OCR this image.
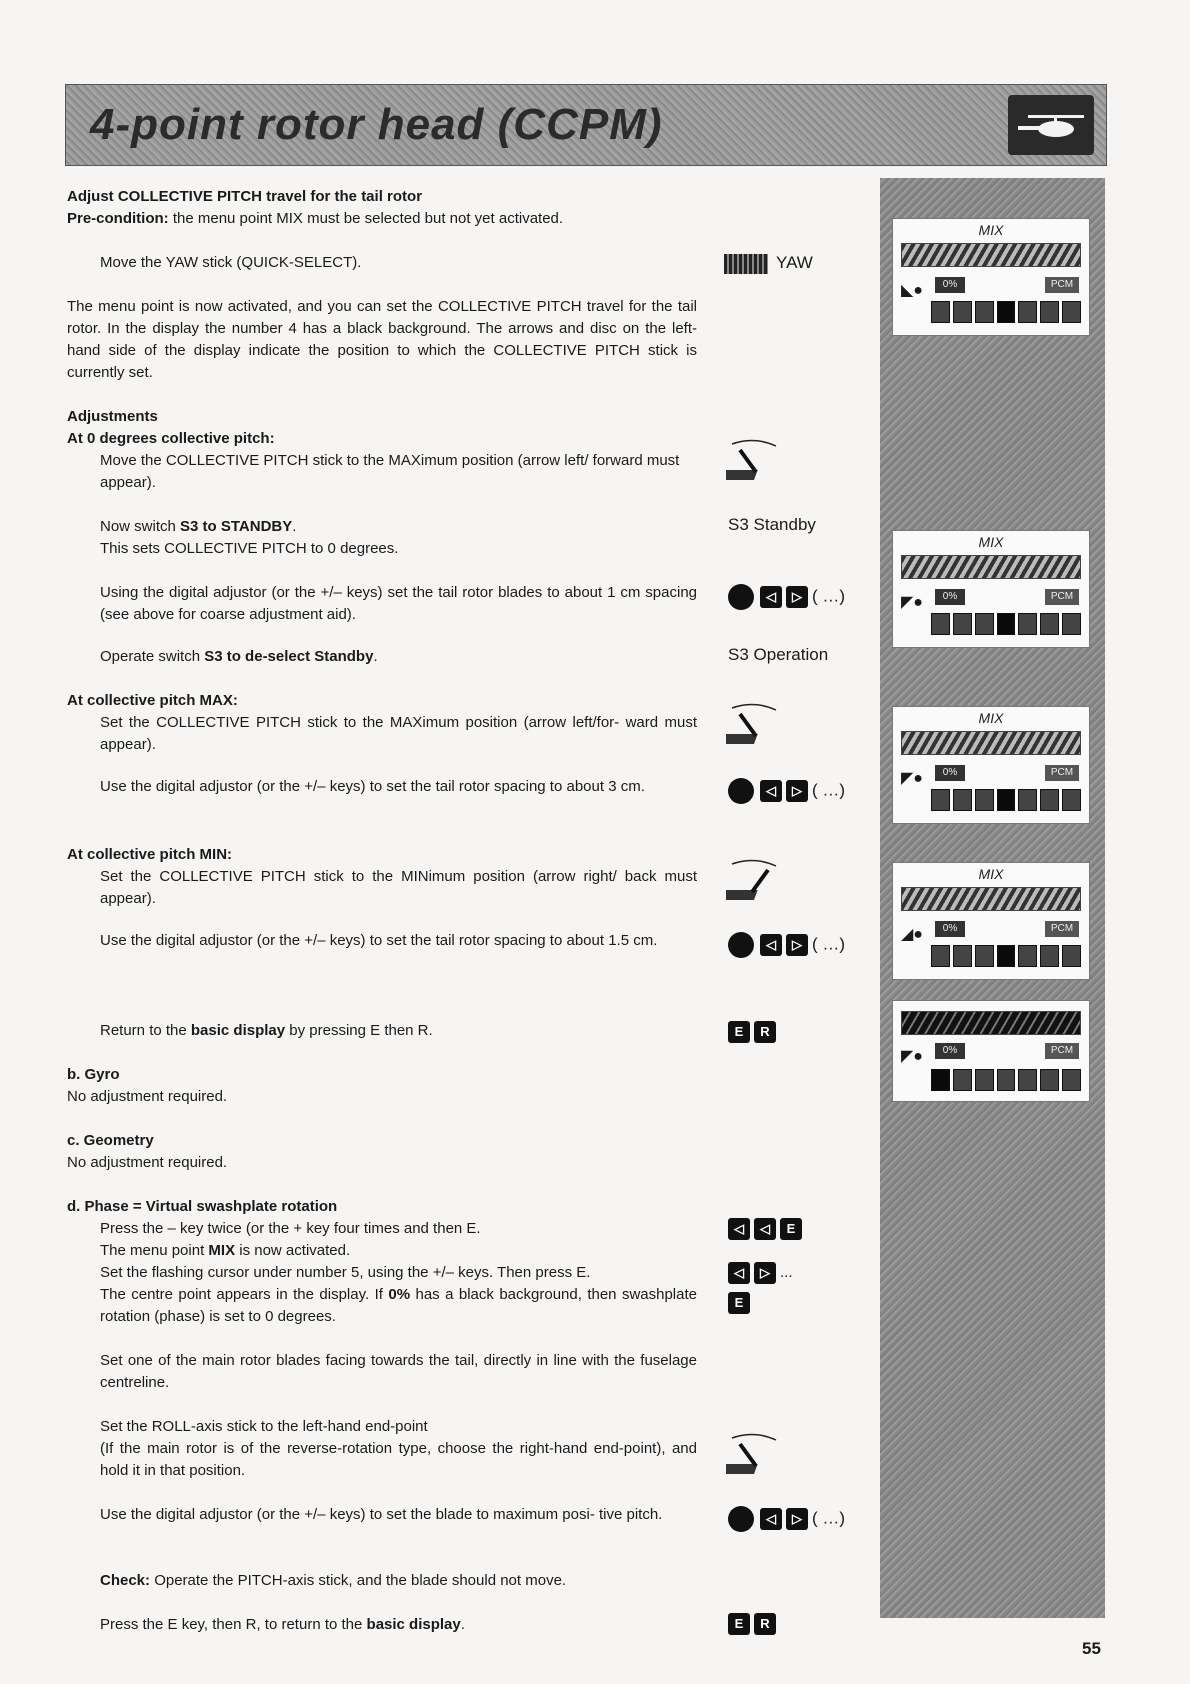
4-point rotor head (CCPM)
MIX
◣●	0%	PCM
MIX
◤●	0%	PCM
MIX
◤●	0%	PCM
MIX
◢●	0%	PCM
◤●	0%	PCM

Adjust COLLECTIVE PITCH travel for the tail rotor

Pre-condition: the menu point MIX must be selected but not yet activated.

Move the YAW stick (QUICK-SELECT).	YAW

The menu point is now activated, and you can set the COLLECTIVE PITCH travel for the tail rotor. In the display the number 4 has a black background. The arrows and disc on the left-hand side of the display indicate the position to which the COLLECTIVE PITCH stick is currently set.

Adjustments

At 0 degrees collective pitch:

Move the COLLECTIVE PITCH stick to the MAXimum position (arrow left/ forward must appear).

Now switch S3 to STANDBY.

This sets COLLECTIVE PITCH to 0 degrees.

S3 Standby

Using the digital adjustor (or the +/– keys) set the tail rotor blades to about 1 cm spacing (see above for coarse adjustment aid).

◁ ▷ ( …)

Operate switch S3 to de-select Standby.	S3 Operation

At collective pitch MAX:

Set the COLLECTIVE PITCH stick to the MAXimum position (arrow left/for- ward must appear).

Use the digital adjustor (or the +/– keys) to set the tail rotor spacing to about 3 cm.	◁ ▷ ( …)

At collective pitch MIN:

Set the COLLECTIVE PITCH stick to the MINimum position (arrow right/ back must appear).

Use the digital adjustor (or the +/– keys) to set the tail rotor spacing to about 1.5 cm.	◁ ▷ ( …)

Return to the basic display by pressing E then R.	E R

b. Gyro

No adjustment required.

c. Geometry

No adjustment required.

d. Phase = Virtual swashplate rotation

Press the – key twice (or the + key four times and then E.

The menu point MIX is now activated.

Set the flashing cursor under number 5, using the +/– keys. Then press E.

The centre point appears in the display. If 0% has a black background, then swashplate rotation (phase) is set to 0 degrees.

◁ ◁ E
◁ ▷ ...
E

Set one of the main rotor blades facing towards the tail, directly in line with the fuselage centreline.

Set the ROLL-axis stick to the left-hand end-point

(If the main rotor is of the reverse-rotation type, choose the right-hand end-point), and hold it in that position.

Use the digital adjustor (or the +/– keys) to set the blade to maximum posi- tive pitch.	◁ ▷ ( …)

Check: Operate the PITCH-axis stick, and the blade should not move.

Press the E key, then R, to return to the basic display.	E R
55
